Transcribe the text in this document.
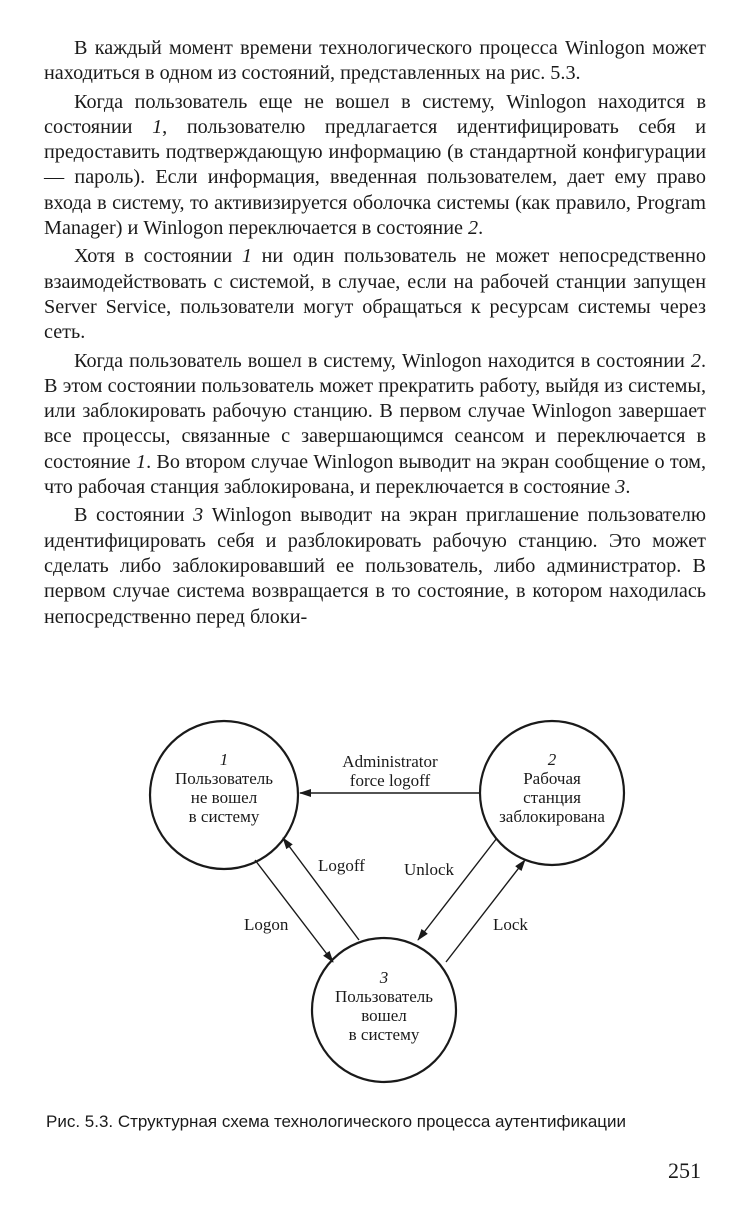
В каждый момент времени технологического процесса Winlogon может находиться в одном из состояний, представленных на рис. 5.3.

Когда пользователь еще не вошел в систему, Winlogon находится в состоянии 1, пользователю предлагается идентифицировать себя и предоставить подтверждающую информацию (в стандартной конфигурации — пароль). Если информация, введенная пользователем, дает ему право входа в систему, то активизируется оболочка системы (как правило, Program Manager) и Winlogon переключается в состояние 2.

Хотя в состоянии 1 ни один пользователь не может непосредственно взаимодействовать с системой, в случае, если на рабочей станции запущен Server Service, пользователи могут обращаться к ресурсам системы через сеть.

Когда пользователь вошел в систему, Winlogon находится в состоянии 2. В этом состоянии пользователь может прекратить работу, выйдя из системы, или заблокировать рабочую станцию. В первом случае Winlogon завершает все процессы, связанные с завершающимся сеансом и переключается в состояние 1. Во втором случае Winlogon выводит на экран сообщение о том, что рабочая станция заблокирована, и переключается в состояние 3.

В состоянии 3 Winlogon выводит на экран приглашение пользователю идентифицировать себя и разблокировать рабочую станцию. Это может сделать либо заблокировавший ее пользователь, либо администратор. В первом случае система возвращается в то состояние, в котором находилась непосредственно перед блоки-

1
Пользователь
не вошел
в систему
2
Рабочая
станция
заблокирована
3
Пользователь
вошел
в систему
Administrator
force logoff
Logoff Unlock
Logon	Lock
Рис. 5.3. Структурная схема технологического процесса аутентификации
251
